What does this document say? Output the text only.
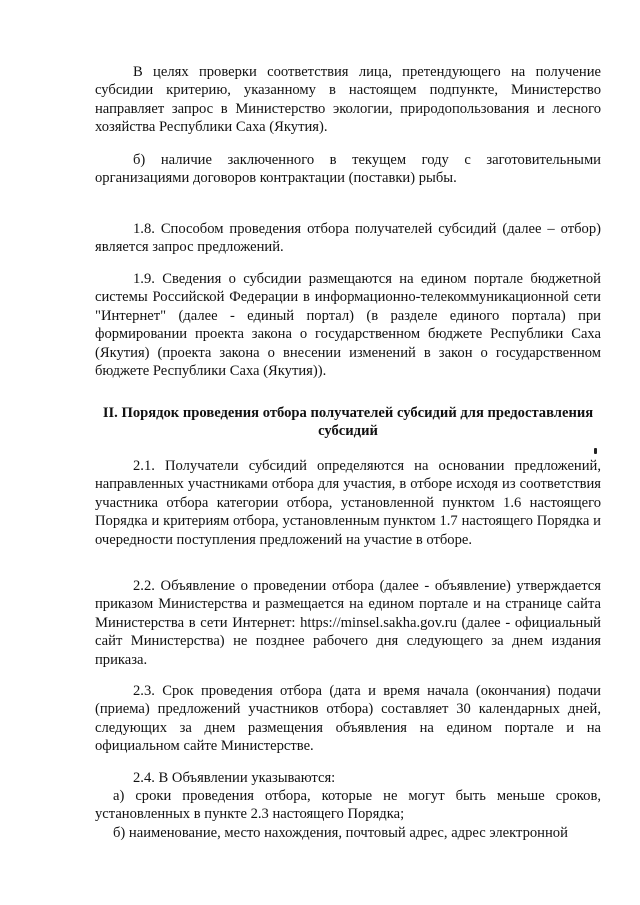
В целях проверки соответствия лица, претендующего на получение субсидии критерию, указанному в настоящем подпункте, Министерство направляет запрос в Министерство экологии, природопользования и лесного хозяйства Республики Саха (Якутия).

б) наличие заключенного в текущем году с заготовительными организациями договоров контрактации (поставки) рыбы.

1.8. Способом проведения отбора получателей субсидий (далее – отбор) является запрос предложений.

1.9. Сведения о субсидии размещаются на едином портале бюджетной системы Российской Федерации в информационно-телекоммуникационной сети "Интернет" (далее - единый портал) (в разделе единого портала) при формировании проекта закона о государственном бюджете Республики Саха (Якутия) (проекта закона о внесении изменений в закон о государственном бюджете Республики Саха (Якутия)).

II. Порядок проведения отбора получателей субсидий для предоставления субсидий

2.1. Получатели субсидий определяются на основании предложений, направленных участниками отбора для участия, в отборе исходя из соответствия участника отбора категории отбора, установленной пунктом 1.6 настоящего Порядка и критериям отбора, установленным пунктом 1.7 настоящего Порядка и очередности поступления предложений на участие в отборе.

2.2. Объявление о проведении отбора (далее - объявление) утверждается приказом Министерства и размещается на едином портале и на странице сайта Министерства в сети Интернет: https://minsel.sakha.gov.ru (далее - официальный сайт Министерства) не позднее рабочего дня следующего за днем издания приказа.

2.3. Срок проведения отбора (дата и время начала (окончания) подачи (приема) предложений участников отбора) составляет 30 календарных дней, следующих за днем размещения объявления на едином портале и на официальном сайте Министерстве.

2.4. В Объявлении указываются:

а) сроки проведения отбора, которые не могут быть меньше сроков, установленных в пункте 2.3 настоящего Порядка;

б) наименование, место нахождения, почтовый адрес, адрес электронной
